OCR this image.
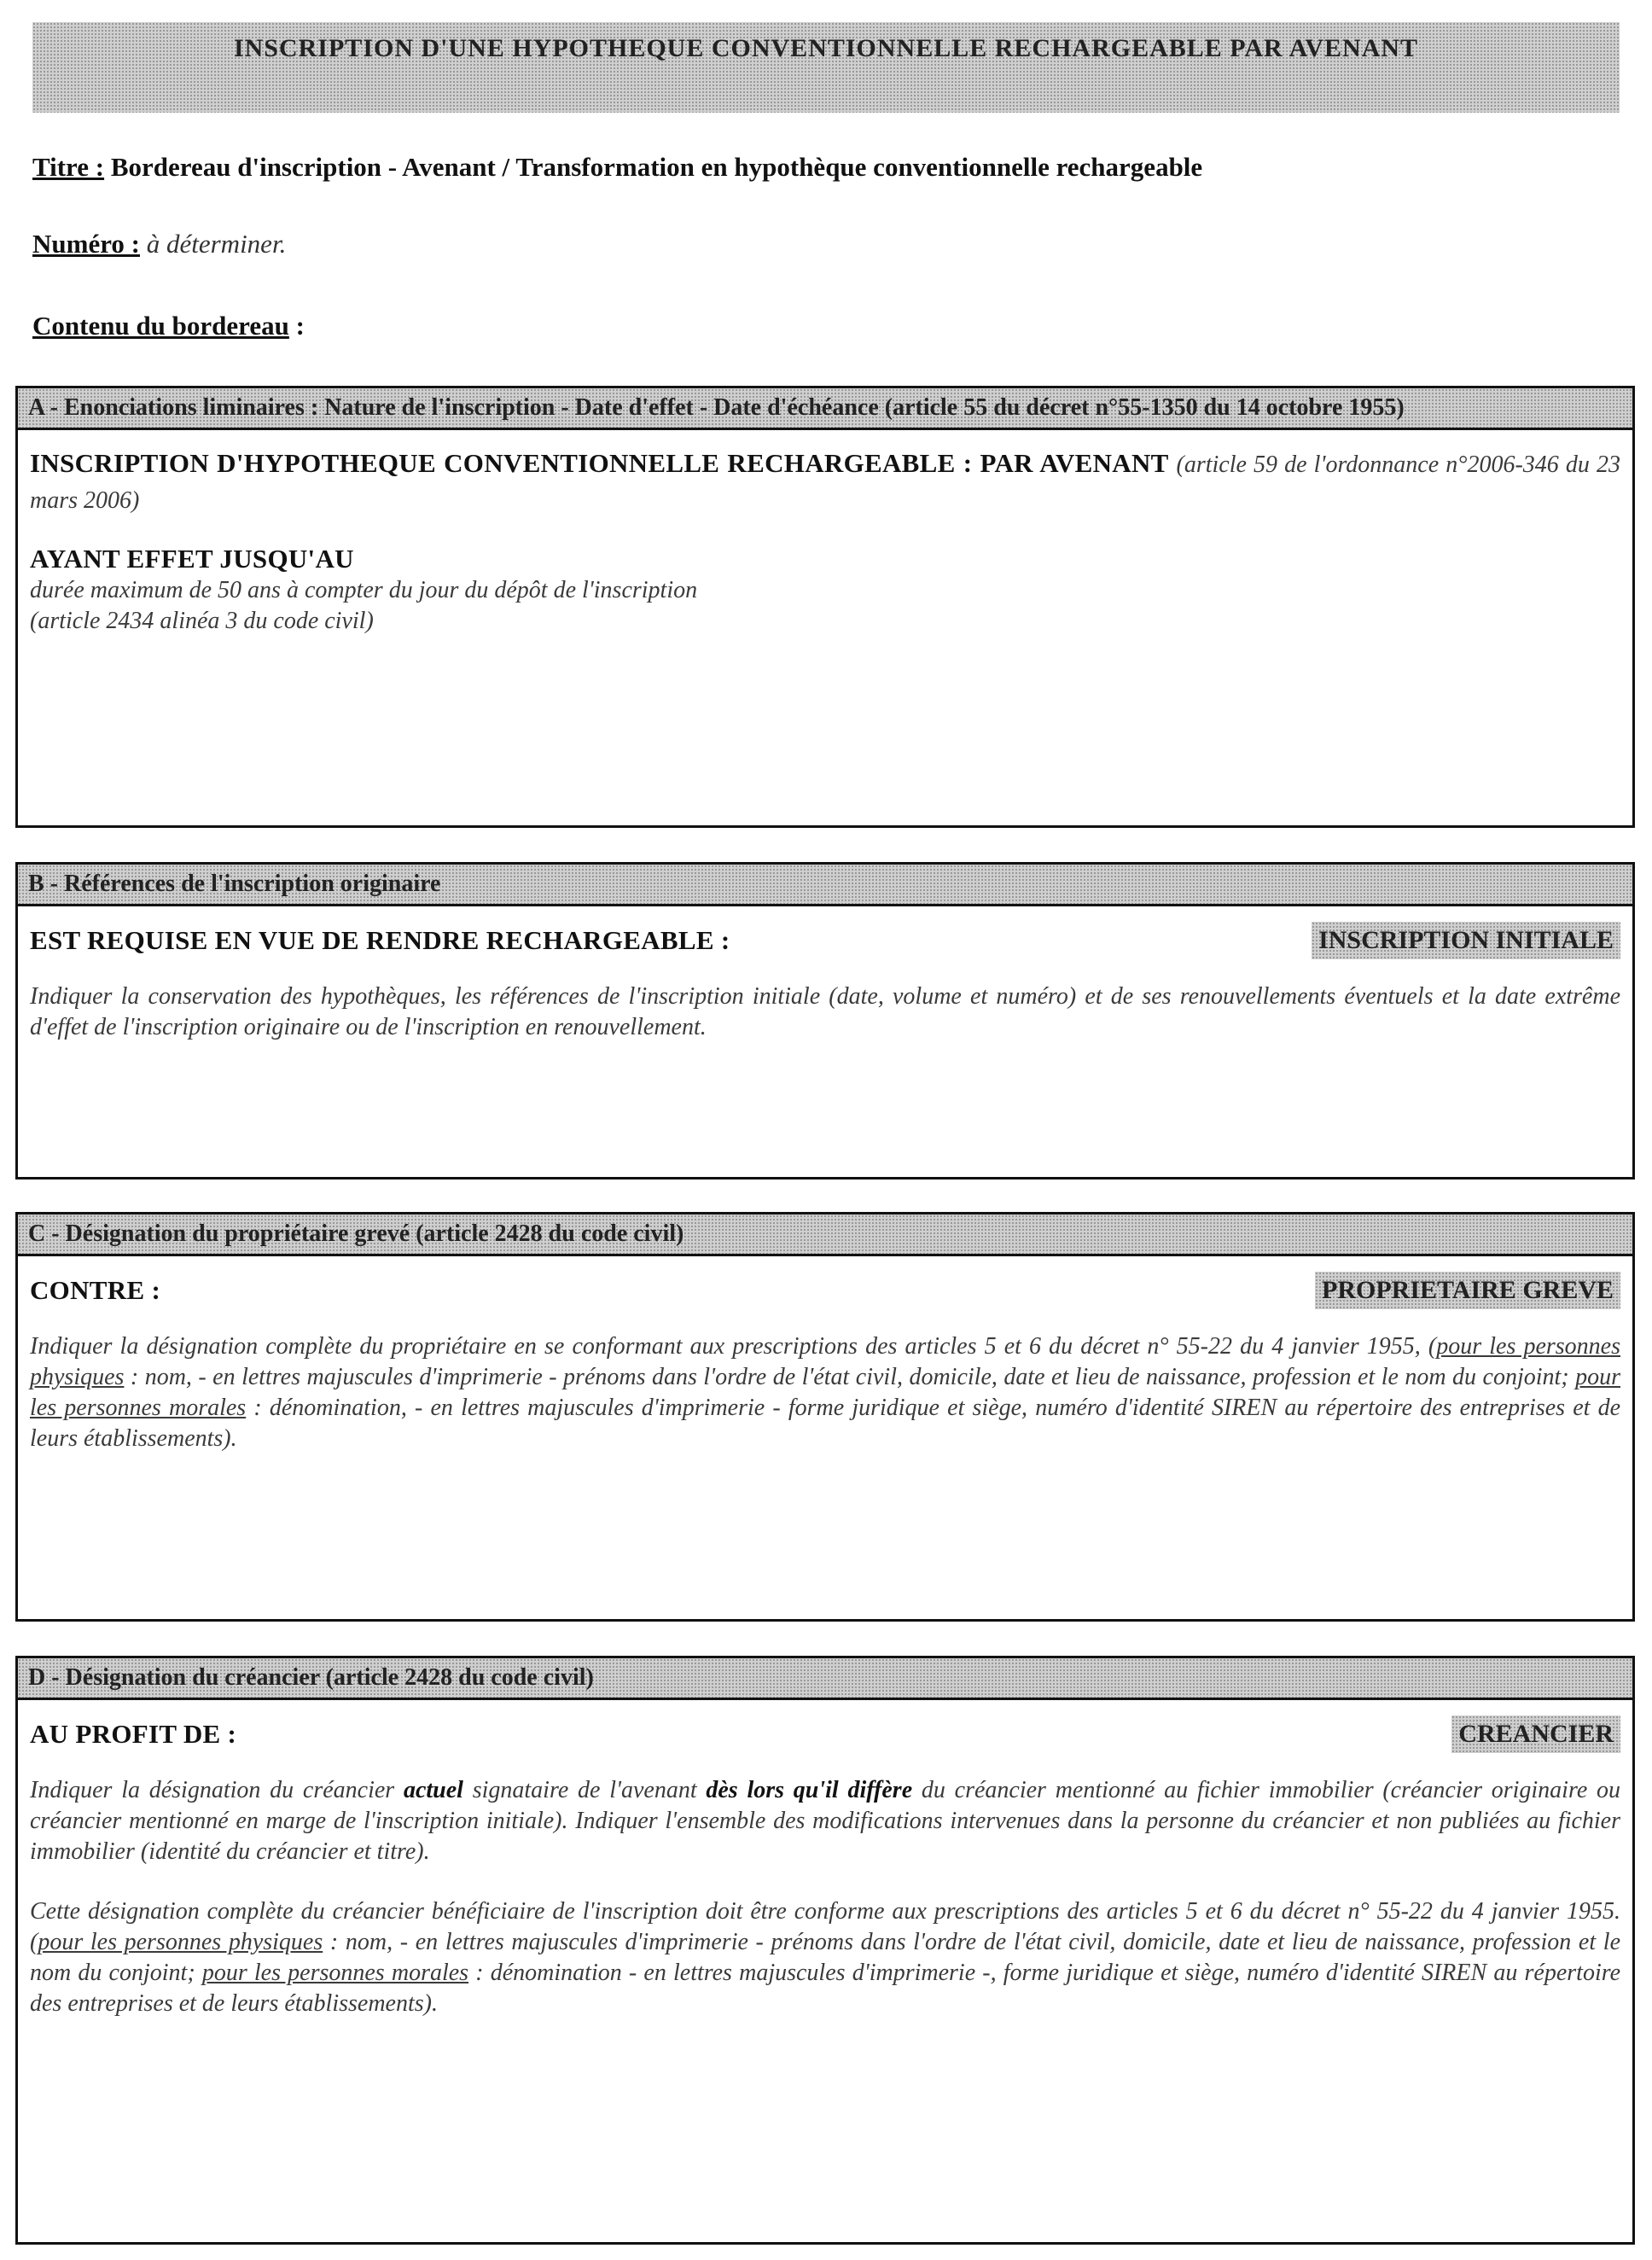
INSCRIPTION D'UNE HYPOTHEQUE CONVENTIONNELLE RECHARGEABLE PAR AVENANT
Titre : Bordereau d'inscription - Avenant / Transformation en hypothèque conventionnelle rechargeable
Numéro : à déterminer.
Contenu du bordereau :
A - Enonciations liminaires : Nature de l'inscription - Date d'effet - Date d'échéance (article 55 du décret n°55-1350 du 14 octobre 1955)
INSCRIPTION D'HYPOTHEQUE CONVENTIONNELLE RECHARGEABLE : PAR AVENANT (article 59 de l'ordonnance n°2006-346 du 23 mars 2006)
AYANT EFFET JUSQU'AU
durée maximum de 50 ans à compter du jour du dépôt de l'inscription
(article 2434 alinéa 3 du code civil)
B - Références de l'inscription originaire
EST REQUISE EN VUE DE RENDRE RECHARGEABLE :	INSCRIPTION INITIALE
Indiquer la conservation des hypothèques, les références de l'inscription initiale (date, volume et numéro) et de ses renouvellements éventuels et la date extrême d'effet de l'inscription originaire ou de l'inscription en renouvellement.
C - Désignation du propriétaire grevé (article 2428 du code civil)
CONTRE :	PROPRIETAIRE GREVE
Indiquer la désignation complète du propriétaire en se conformant aux prescriptions des articles 5 et 6 du décret n° 55-22 du 4 janvier 1955, (pour les personnes physiques : nom, - en lettres majuscules d'imprimerie - prénoms dans l'ordre de l'état civil, domicile, date et lieu de naissance, profession et le nom du conjoint; pour les personnes morales : dénomination, - en lettres majuscules d'imprimerie - forme juridique et siège, numéro d'identité SIREN au répertoire des entreprises et de leurs établissements).
D - Désignation du créancier (article 2428 du code civil)
AU PROFIT DE :	CREANCIER
Indiquer la désignation du créancier actuel signataire de l'avenant dès lors qu'il diffère du créancier mentionné au fichier immobilier (créancier originaire ou créancier mentionné en marge de l'inscription initiale). Indiquer l'ensemble des modifications intervenues dans la personne du créancier et non publiées au fichier immobilier (identité du créancier et titre).
Cette désignation complète du créancier bénéficiaire de l'inscription doit être conforme aux prescriptions des articles 5 et 6 du décret n° 55-22 du 4 janvier 1955. (pour les personnes physiques : nom, - en lettres majuscules d'imprimerie - prénoms dans l'ordre de l'état civil, domicile, date et lieu de naissance, profession et le nom du conjoint; pour les personnes morales : dénomination - en lettres majuscules d'imprimerie -, forme juridique et siège, numéro d'identité SIREN au répertoire des entreprises et de leurs établissements).
